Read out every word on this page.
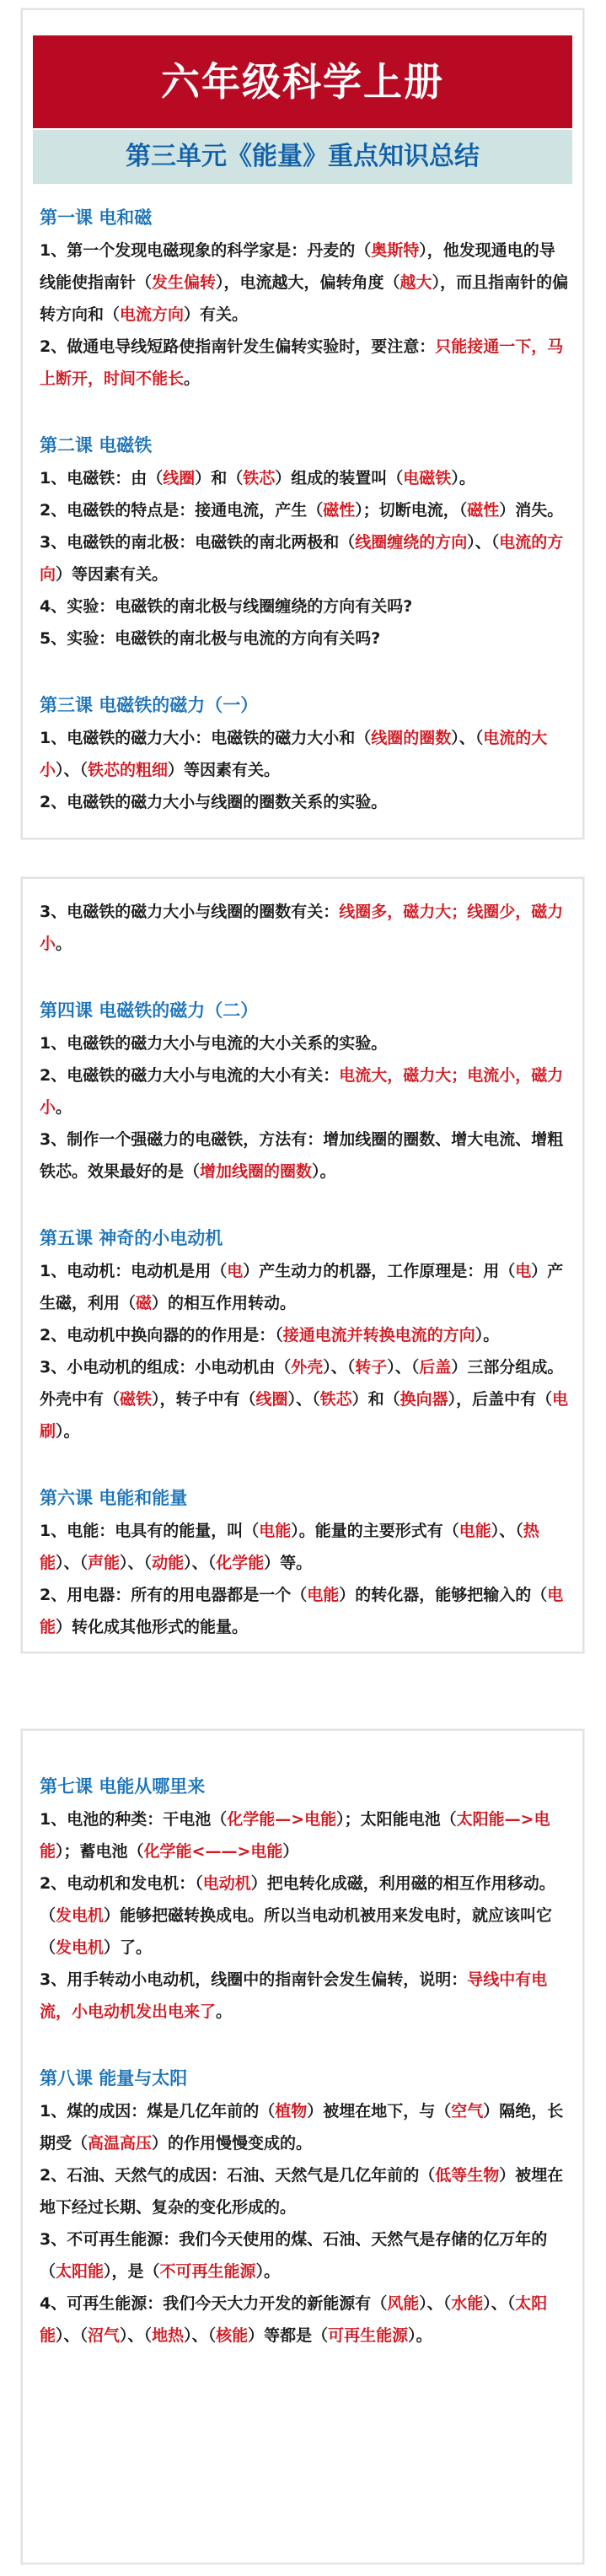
六年级科学上册
第三单元《能量》重点知识总结
第一课 电和磁

1、第一个发现电磁现象的科学家是：丹麦的（奥斯特），他发现通电的导线能使指南针（发生偏转），电流越大，偏转角度（越大），而且指南针的偏转方向和（电流方向）有关。

2、做通电导线短路使指南针发生偏转实验时，要注意：只能接通一下，马上断开，时间不能长。

第二课 电磁铁

1、电磁铁：由（线圈）和（铁芯）组成的装置叫（电磁铁）。

2、电磁铁的特点是：接通电流，产生（磁性）；切断电流，（磁性）消失。

3、电磁铁的南北极：电磁铁的南北两极和（线圈缠绕的方向）、（电流的方向）等因素有关。

4、实验：电磁铁的南北极与线圈缠绕的方向有关吗?

5、实验：电磁铁的南北极与电流的方向有关吗?

第三课 电磁铁的磁力（一）

1、电磁铁的磁力大小：电磁铁的磁力大小和（线圈的圈数）、（电流的大小）、（铁芯的粗细）等因素有关。

2、电磁铁的磁力大小与线圈的圈数关系的实验。

3、电磁铁的磁力大小与线圈的圈数有关：线圈多，磁力大；线圈少，磁力小。

第四课 电磁铁的磁力（二）

1、电磁铁的磁力大小与电流的大小关系的实验。

2、电磁铁的磁力大小与电流的大小有关：电流大，磁力大；电流小，磁力小。

3、制作一个强磁力的电磁铁，方法有：增加线圈的圈数、增大电流、增粗铁芯。效果最好的是（增加线圈的圈数）。

第五课 神奇的小电动机

1、电动机：电动机是用（电）产生动力的机器，工作原理是：用（电）产生磁，利用（磁）的相互作用转动。

2、电动机中换向器的的作用是：（接通电流并转换电流的方向）。

3、小电动机的组成：小电动机由（外壳）、（转子）、（后盖）三部分组成。外壳中有（磁铁），转子中有（线圈）、（铁芯）和（换向器），后盖中有（电刷）。

第六课 电能和能量

1、电能：电具有的能量，叫（电能）。能量的主要形式有（电能）、（热能）、（声能）、（动能）、（化学能）等。

2、用电器：所有的用电器都是一个（电能）的转化器，能够把输入的（电能）转化成其他形式的能量。

第七课 电能从哪里来

1、电池的种类：干电池（化学能—>电能）；太阳能电池（太阳能—>电能）；蓄电池（化学能<——>电能）

2、电动机和发电机：（电动机）把电转化成磁，利用磁的相互作用移动。（发电机）能够把磁转换成电。所以当电动机被用来发电时，就应该叫它（发电机）了。

3、用手转动小电动机，线圈中的指南针会发生偏转，说明：导线中有电流，小电动机发出电来了。

第八课 能量与太阳

1、煤的成因：煤是几亿年前的（植物）被埋在地下，与（空气）隔绝，长期受（高温高压）的作用慢慢变成的。

2、石油、天然气的成因：石油、天然气是几亿年前的（低等生物）被埋在地下经过长期、复杂的变化形成的。

3、不可再生能源：我们今天使用的煤、石油、天然气是存储的亿万年的（太阳能），是（不可再生能源）。

4、可再生能源：我们今天大力开发的新能源有（风能）、（水能）、（太阳能）、（沼气）、（地热）、（核能）等都是（可再生能源）。
